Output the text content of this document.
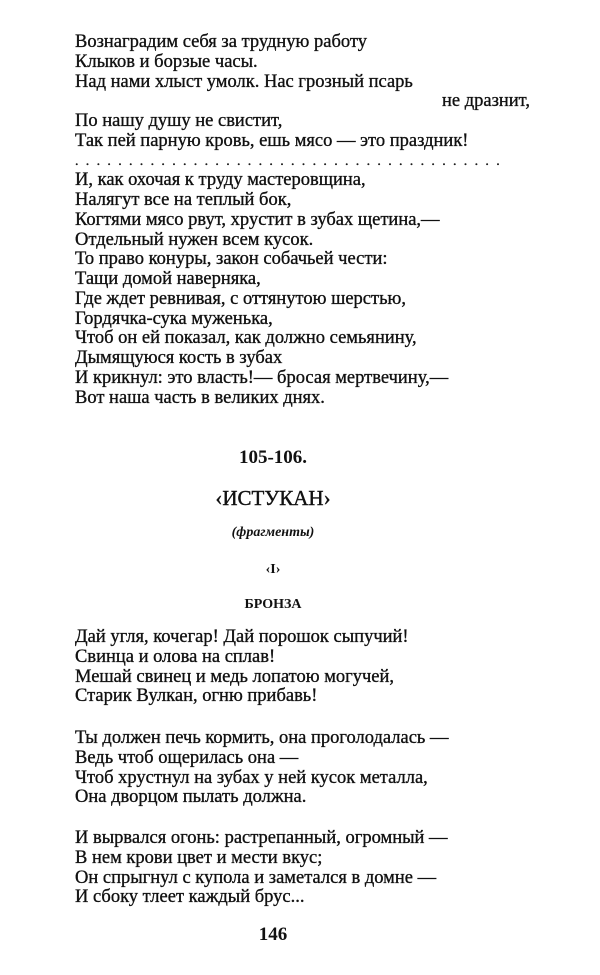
Вознаградим себя за трудную работу
Клыков и борзые часы.
Над нами хлыст умолк. Нас грозный псарь
не дразнит,
По нашу душу не свистит,
Так пей парную кровь, ешь мясо — это праздник!
. . . . . . . . . . . . . . . . . . . . . . . . . . . . . . . . . . . . . . . .
И, как охочая к труду мастеровщина,
Налягут все на теплый бок,
Когтями мясо рвут, хрустит в зубах щетина,—
Отдельный нужен всем кусок.
То право конуры, закон собачьей чести:
Тащи домой наверняка,
Где ждет ревнивая, с оттянутою шерстью,
Гордячка-сука муженька,
Чтоб он ей показал, как должно семьянину,
Дымящуюся кость в зубах
И крикнул: это власть!— бросая мертвечину,—
Вот наша часть в великих днях.
105-106.
‹ИСТУКАН›
(фрагменты)
‹I›
БРОНЗА
Дай угля, кочегар! Дай порошок сыпучий!
Свинца и олова на сплав!
Мешай свинец и медь лопатою могучей,
Старик Вулкан, огню прибавь!
Ты должен печь кормить, она проголодалась —
Ведь чтоб ощерилась она —
Чтоб хрустнул на зубах у ней кусок металла,
Она дворцом пылать должна.
И вырвался огонь: растрепанный, огромный —
В нем крови цвет и мести вкус;
Он спрыгнул с купола и заметался в домне —
И сбоку тлеет каждый брус...
146
